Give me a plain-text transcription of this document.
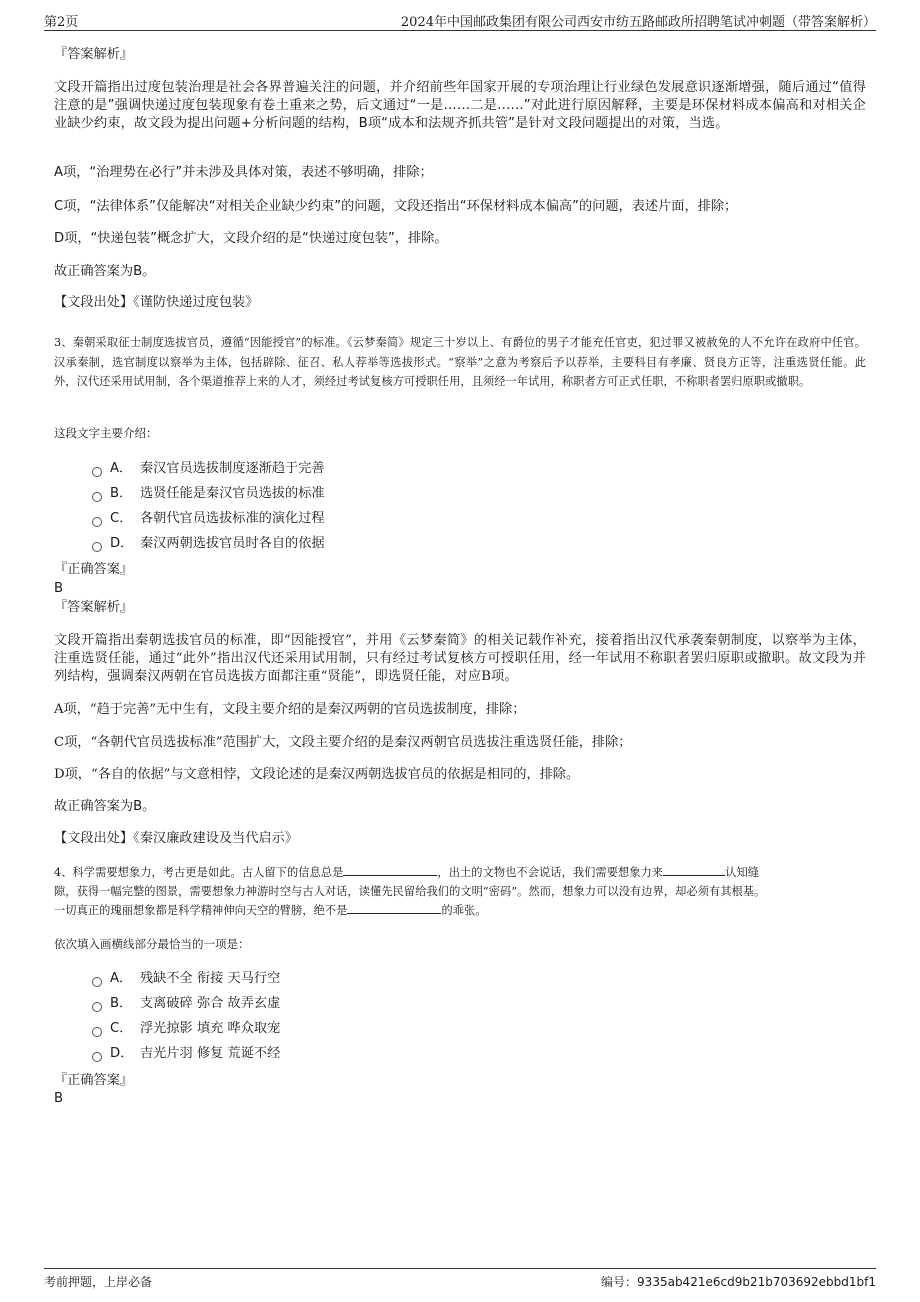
第2页	2024年中国邮政集团有限公司西安市纺五路邮政所招聘笔试冲刺题（带答案解析）
『答案解析』
文段开篇指出过度包装治理是社会各界普遍关注的问题，并介绍前些年国家开展的专项治理让行业绿色发展意识逐渐增强，随后通过“值得注意的是”强调快递过度包装现象有卷土重来之势，后文通过“一是……二是……”对此进行原因解释，主要是环保材料成本偏高和对相关企业缺少约束，故文段为提出问题+分析问题的结构，B项“成本和法规齐抓共管”是针对文段问题提出的对策，当选。
A项，“治理势在必行”并未涉及具体对策，表述不够明确，排除；
C项，“法律体系”仅能解决“对相关企业缺少约束”的问题，文段还指出“环保材料成本偏高”的问题，表述片面，排除；
D项，“快递包装”概念扩大，文段介绍的是“快递过度包装”，排除。
故正确答案为B。
【文段出处】《谨防快递过度包装》
3、秦朝采取征士制度选拔官员，遵循“因能授官”的标准。《云梦秦简》规定三十岁以上、有爵位的男子才能充任官吏，犯过罪又被赦免的人不允许在政府中任官。汉承秦制，选官制度以察举为主体，包括辟除、征召、私人荐举等选拔形式。“察举”之意为考察后予以荐举，主要科目有孝廉、贤良方正等，注重选贤任能。此外，汉代还采用试用制，各个渠道推荐上来的人才，须经过考试复核方可授职任用，且须经一年试用，称职者方可正式任职，不称职者罢归原职或撤职。
这段文字主要介绍：
A． 秦汉官员选拔制度逐渐趋于完善
B． 选贤任能是秦汉官员选拔的标准
C． 各朝代官员选拔标准的演化过程
D． 秦汉两朝选拔官员时各自的依据
『正确答案』
B
『答案解析』
文段开篇指出秦朝选拔官员的标准，即“因能授官”，并用《云梦秦简》的相关记载作补充，接着指出汉代承袭秦朝制度，以察举为主体，注重选贤任能，通过“此外”指出汉代还采用试用制，只有经过考试复核方可授职任用，经一年试用不称职者罢归原职或撤职。故文段为并列结构，强调秦汉两朝在官员选拔方面都注重“贤能”，即选贤任能，对应B项。
A项，“趋于完善”无中生有，文段主要介绍的是秦汉两朝的官员选拔制度，排除；
C项，“各朝代官员选拔标准”范围扩大，文段主要介绍的是秦汉两朝官员选拔注重选贤任能，排除；
D项，“各自的依据”与文意相悖，文段论述的是秦汉两朝选拔官员的依据是相同的，排除。
故正确答案为B。
【文段出处】《秦汉廉政建设及当代启示》
4、科学需要想象力，考古更是如此。古人留下的信息总是	，出土的文物也不会说话，我们需要想象力来	认知缝
隙，获得一幅完整的图景，需要想象力神游时空与古人对话，读懂先民留给我们的文明“密码”。然而，想象力可以没有边界，却必须有其根基。
一切真正的瑰丽想象都是科学精神伸向天空的臂膀，绝不是	的乖张。
依次填入画横线部分最恰当的一项是：
A． 残缺不全 衔接 天马行空
B． 支离破碎 弥合 故弄玄虚
C． 浮光掠影 填充 哗众取宠
D． 吉光片羽 修复 荒诞不经
『正确答案』
B
考前押题，上岸必备	编号：9335ab421e6cd9b21b703692ebbd1bf1
